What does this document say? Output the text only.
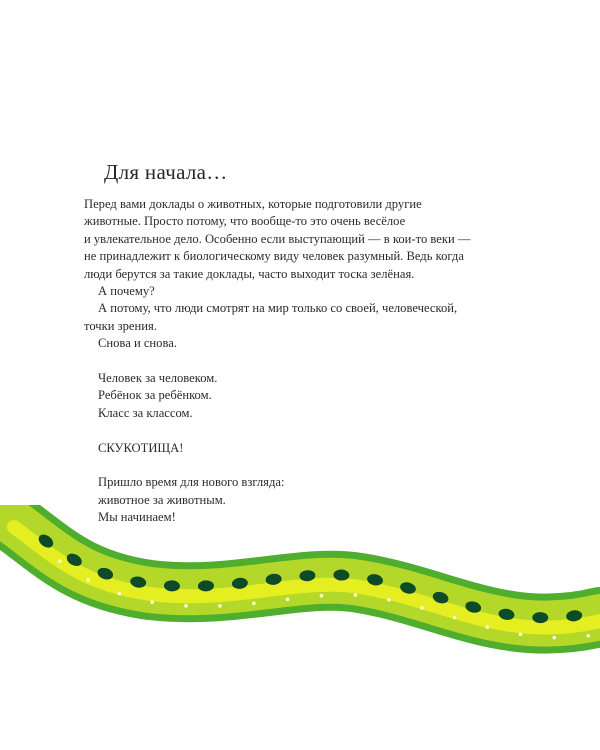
Для начала…

Перед вами доклады о животных, которые подготовили другие

животные. Просто потому, что вообще-то это очень весёлое

и увлекательное дело. Особенно если выступающий — в кои-то веки —

не принадлежит к биологическому виду человек разумный. Ведь когда

люди берутся за такие доклады, часто выходит тоска зелёная.

А почему?

А потому, что люди смотрят на мир только со своей, человеческой,

точки зрения.

Снова и снова.

Человек за человеком.

Ребёнок за ребёнком.

Класс за классом.

СКУКОТИЩА!

Пришло время для нового взгляда:

животное за животным.

Мы начинаем!
